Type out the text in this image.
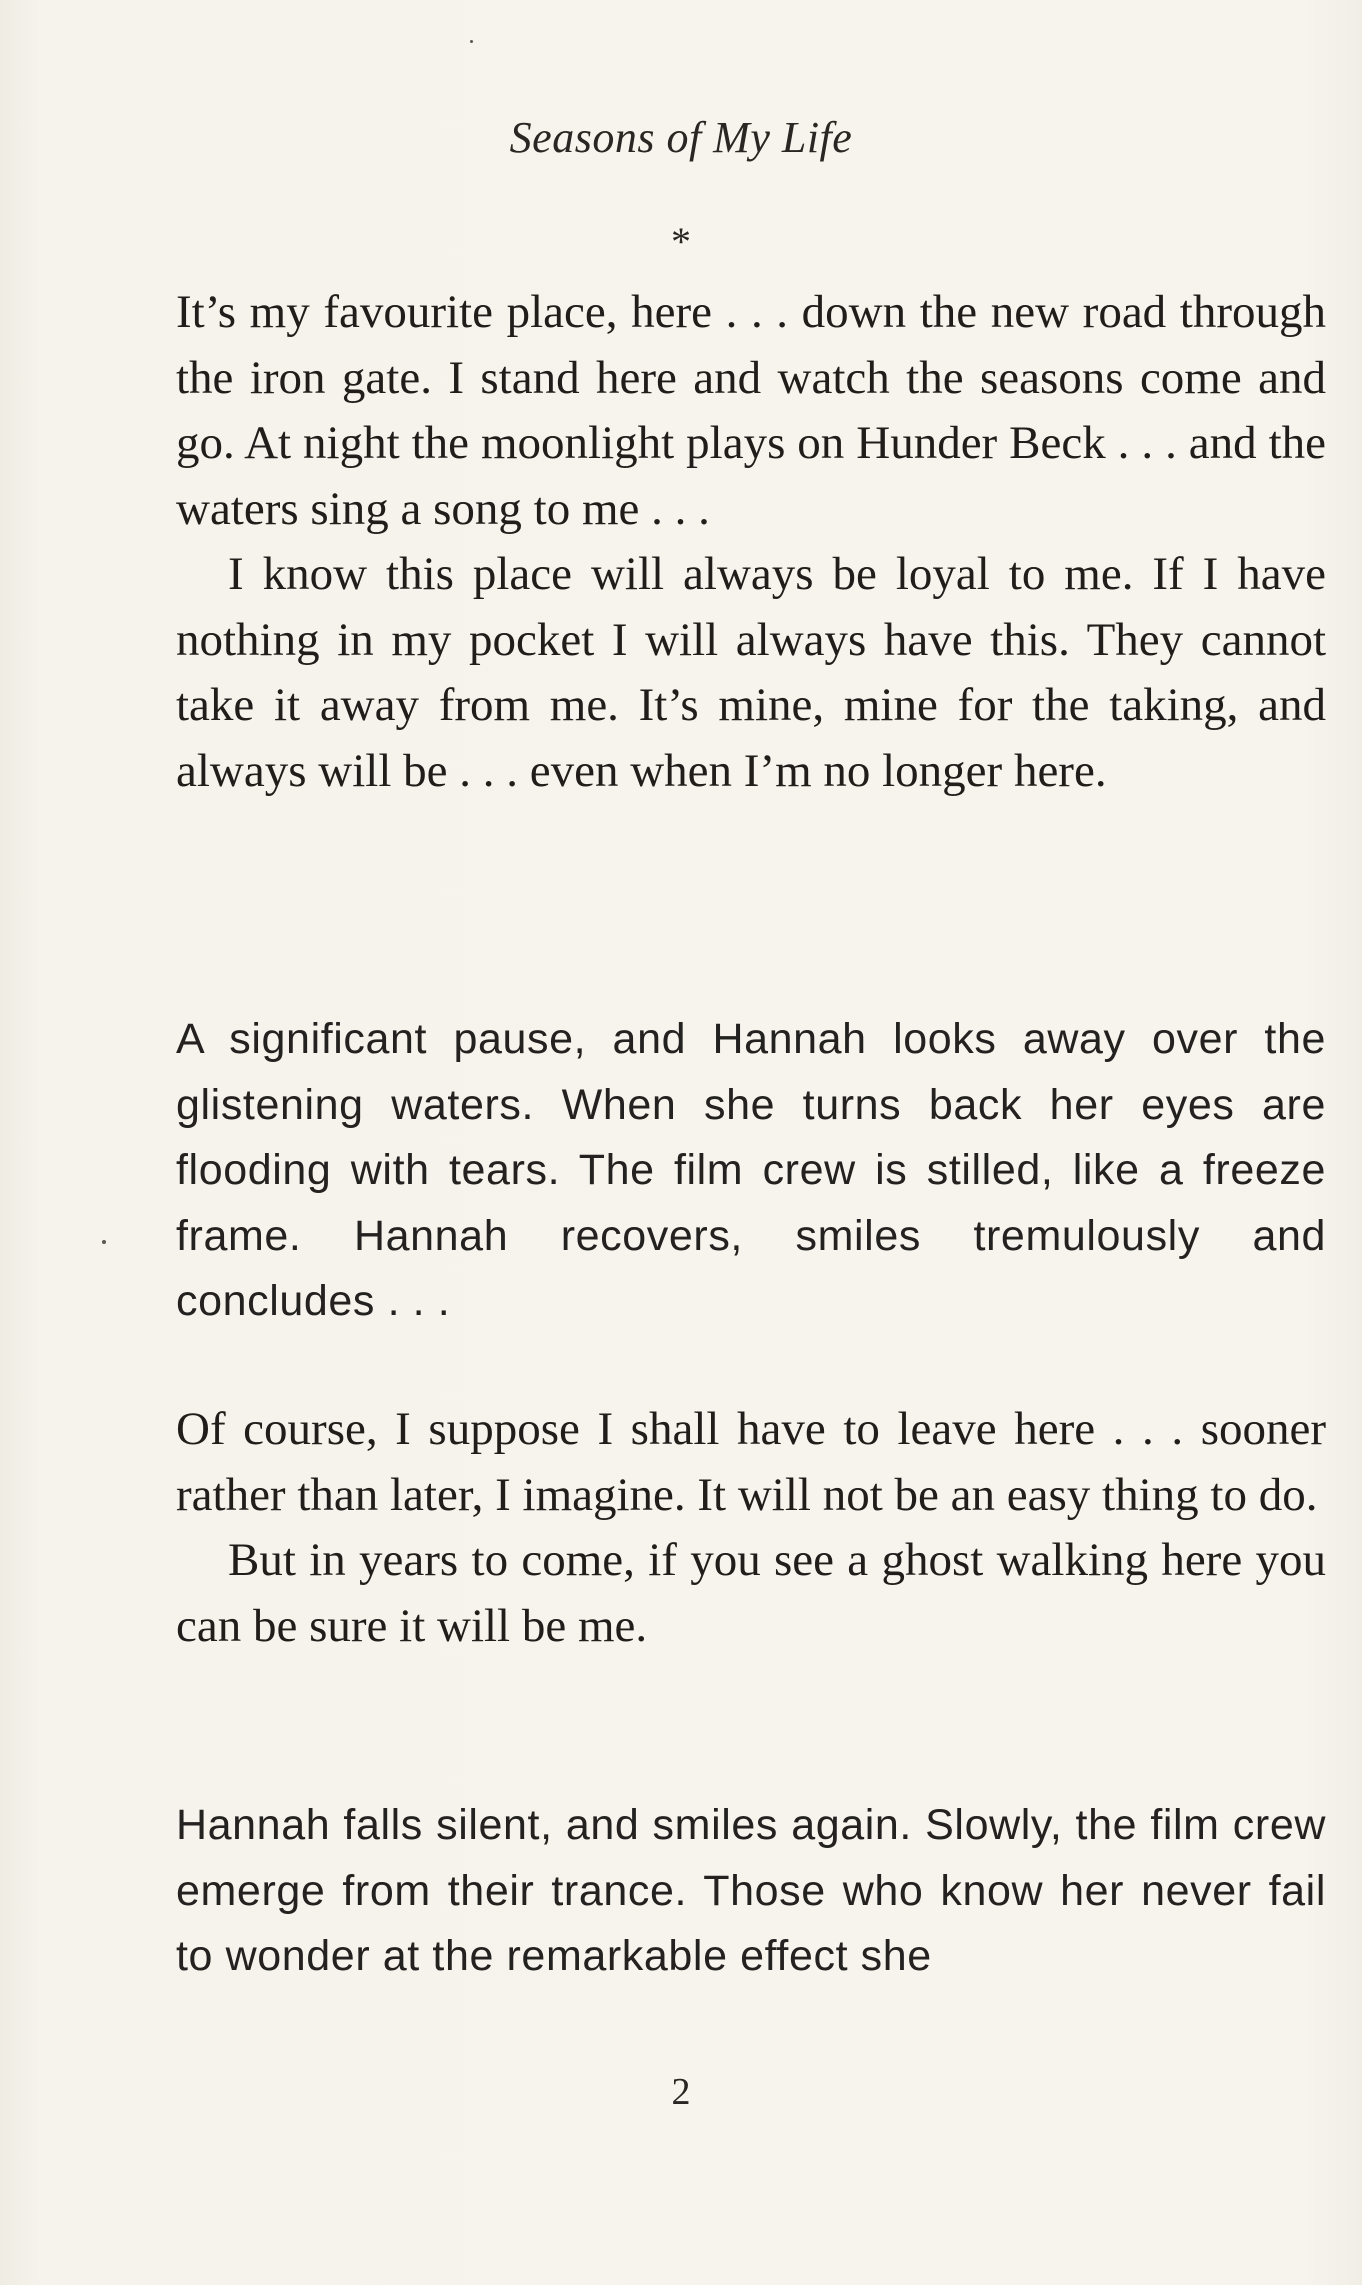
Seasons of My Life
*

It’s my favourite place, here . . . down the new road through the iron gate. I stand here and watch the seasons come and go. At night the moonlight plays on Hunder Beck . . . and the waters sing a song to me . . .

I know this place will always be loyal to me. If I have nothing in my pocket I will always have this. They cannot take it away from me. It’s mine, mine for the taking, and always will be . . . even when I’m no longer here.

A significant pause, and Hannah looks away over the glistening waters. When she turns back her eyes are flooding with tears. The film crew is stilled, like a freeze frame. Hannah recovers, smiles tremulously and concludes . . .

Of course, I suppose I shall have to leave here . . . sooner rather than later, I imagine. It will not be an easy thing to do.

But in years to come, if you see a ghost walking here you can be sure it will be me.

Hannah falls silent, and smiles again. Slowly, the film crew emerge from their trance. Those who know her never fail to wonder at the remarkable effect she

2
